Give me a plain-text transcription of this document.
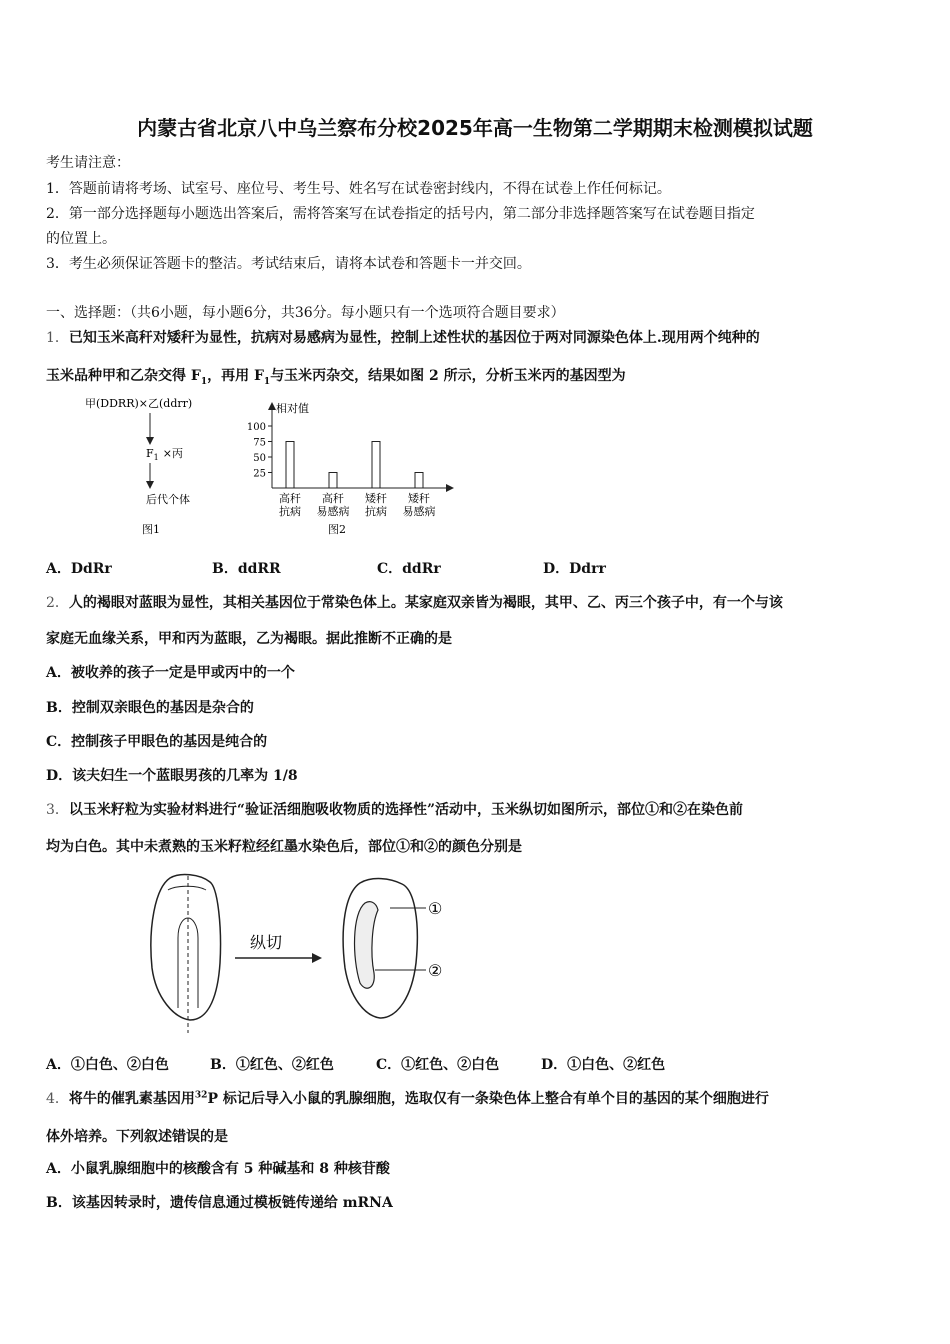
内蒙古省北京八中乌兰察布分校2025年高一生物第二学期期末检测模拟试题
考生请注意：
1．答题前请将考场、试室号、座位号、考生号、姓名写在试卷密封线内，不得在试卷上作任何标记。
2．第一部分选择题每小题选出答案后，需将答案写在试卷指定的括号内，第二部分非选择题答案写在试卷题目指定
的位置上。
3．考生必须保证答题卡的整洁。考试结束后，请将本试卷和答题卡一并交回。
一、选择题：（共6小题，每小题6分，共36分。每小题只有一个选项符合题目要求）
1．已知玉米高秆对矮秆为显性，抗病对易感病为显性，控制上述性状的基因位于两对同源染色体上.现用两个纯种的
玉米品种甲和乙杂交得 $F_1$，再用 $F_1$与玉米丙杂交，结果如图 2 所示，分析玉米丙的基因型为
甲(DDRR)×乙(ddrr)
$F_1$ ×丙
后代个体
图1
相对值
图2
100
75
50
25
高秆
抗病
高秆
易感病
矮秆
抗病
矮秆
易感病
A．DdRr	B．ddRR	C．ddRr	D．Ddrr
2．人的褐眼对蓝眼为显性，其相关基因位于常染色体上。某家庭双亲皆为褐眼，其甲、乙、丙三个孩子中，有一个与该
家庭无血缘关系，甲和丙为蓝眼，乙为褐眼。据此推断不正确的是
A．被收养的孩子一定是甲或丙中的一个
B．控制双亲眼色的基因是杂合的
C．控制孩子甲眼色的基因是纯合的
D．该夫妇生一个蓝眼男孩的几率为 1/8
3．以玉米籽粒为实验材料进行“验证活细胞吸收物质的选择性”活动中，玉米纵切如图所示，部位①和②在染色前
均为白色。其中未煮熟的玉米籽粒经红墨水染色后，部位①和②的颜色分别是
纵切
①
②
A．①白色、②白色	B．①红色、②红色	C．①红色、②白色	D．①白色、②红色
4．将牛的催乳素基因用$^{32}$P 标记后导入小鼠的乳腺细胞，选取仅有一条染色体上整合有单个目的基因的某个细胞进行
体外培养。下列叙述错误的是
A．小鼠乳腺细胞中的核酸含有 5 种碱基和 8 种核苷酸
B．该基因转录时，遗传信息通过模板链传递给 mRNA
